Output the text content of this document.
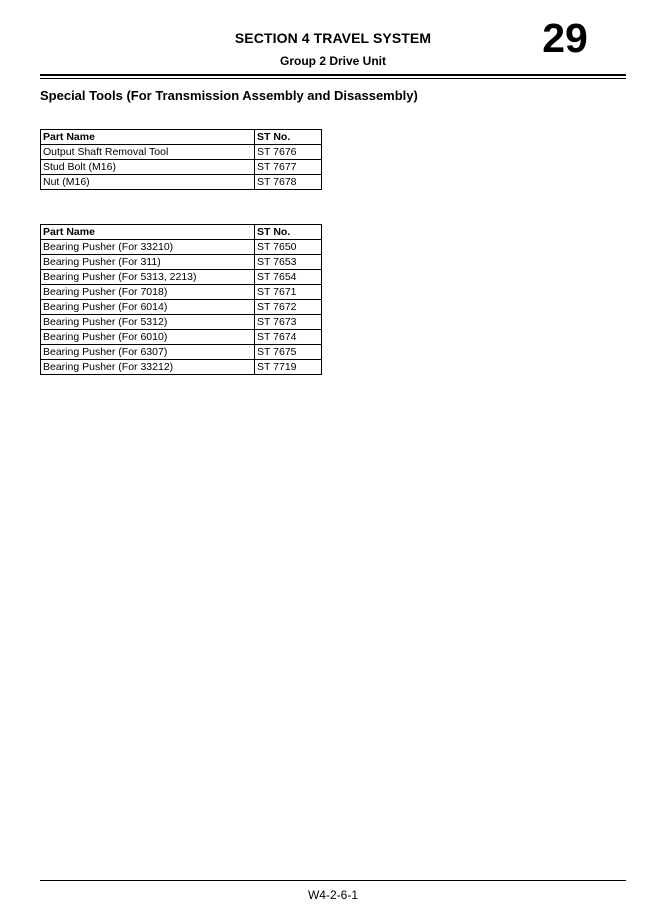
SECTION 4 TRAVEL SYSTEM
Group 2 Drive Unit	29
Special Tools (For Transmission Assembly and Disassembly)
Part Name	ST No.
Output Shaft Removal Tool	ST 7676
Stud Bolt (M16)	ST 7677
Nut (M16)	ST 7678
Part Name	ST No.
Bearing Pusher (For 33210)	ST 7650
Bearing Pusher (For 311)	ST 7653
Bearing Pusher (For 5313, 2213)	ST 7654
Bearing Pusher (For 7018)	ST 7671
Bearing Pusher (For 6014)	ST 7672
Bearing Pusher (For 5312)	ST 7673
Bearing Pusher (For 6010)	ST 7674
Bearing Pusher (For 6307)	ST 7675
Bearing Pusher (For 33212)	ST 7719
W4-2-6-1
